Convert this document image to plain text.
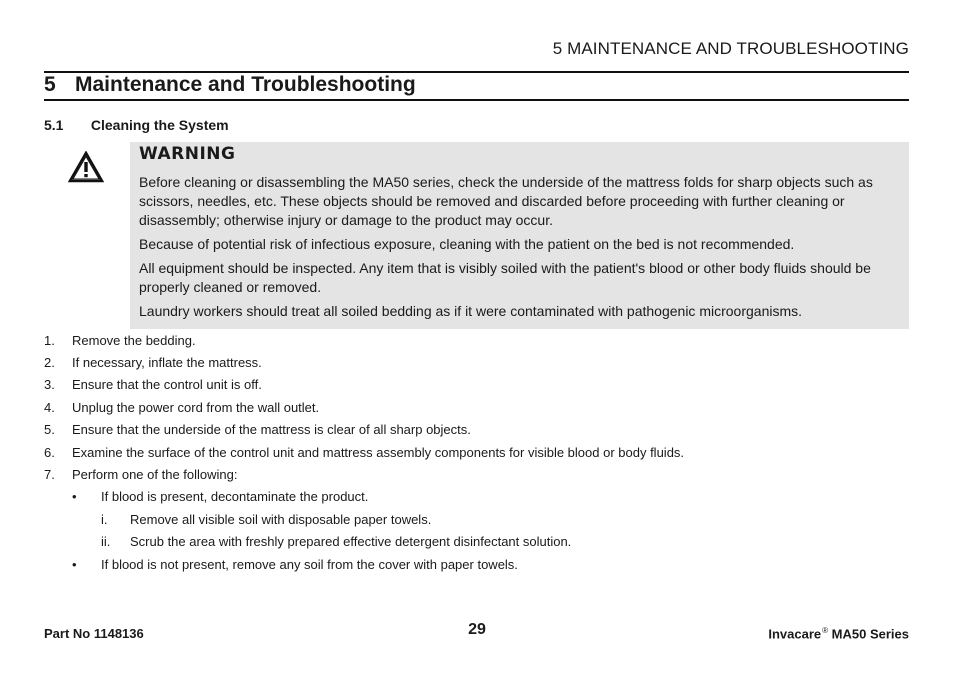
5 MAINTENANCE AND TROUBLESHOOTING
5 Maintenance and Troubleshooting
5.1 Cleaning the System
WARNING

Before cleaning or disassembling the MA50 series, check the underside of the mattress folds for sharp objects such as scissors, needles, etc. These objects should be removed and discarded before proceeding with further cleaning or disassembly; otherwise injury or damage to the product may occur.

Because of potential risk of infectious exposure, cleaning with the patient on the bed is not recommended.

All equipment should be inspected. Any item that is visibly soiled with the patient's blood or other body fluids should be properly cleaned or removed.

Laundry workers should treat all soiled bedding as if it were contaminated with pathogenic microorganisms.

1.	Remove the bedding.
2.	If necessary, inflate the mattress.
3.	Ensure that the control unit is off.
4.	Unplug the power cord from the wall outlet.
5.	Ensure that the underside of the mattress is clear of all sharp objects.
6.	Examine the surface of the control unit and mattress assembly components for visible blood or body fluids.
7.	Perform one of the following:
•	If blood is present, decontaminate the product.
i.	Remove all visible soil with disposable paper towels.
ii.	Scrub the area with freshly prepared effective detergent disinfectant solution.
•	If blood is not present, remove any soil from the cover with paper towels.
Part No 1148136	29	Invacare® MA50 Series
